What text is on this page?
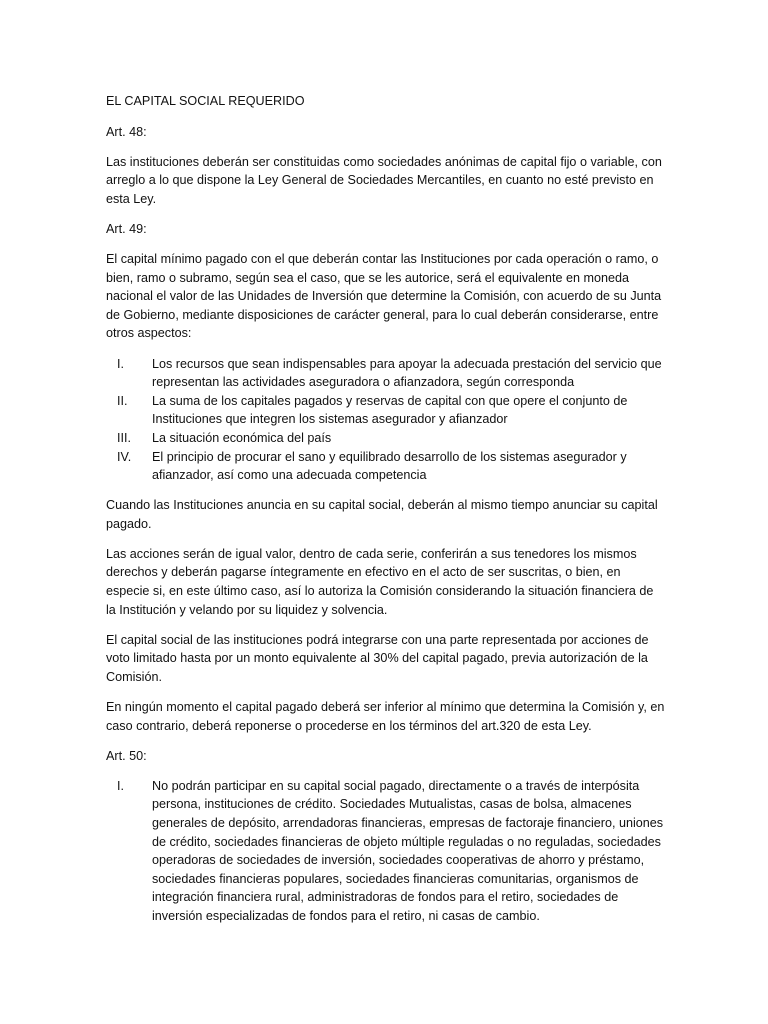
EL CAPITAL SOCIAL REQUERIDO

Art. 48:

Las instituciones deberán ser constituidas como sociedades anónimas de capital fijo o variable, con arreglo a lo que dispone la Ley General de Sociedades Mercantiles, en cuanto no esté previsto en esta Ley.

Art. 49:

El capital mínimo pagado con el que deberán contar las Instituciones por cada operación o ramo, o bien, ramo o subramo, según sea el caso, que se les autorice, será el equivalente en moneda nacional el valor de las Unidades de Inversión que determine la Comisión, con acuerdo de su Junta de Gobierno, mediante disposiciones de carácter general, para lo cual deberán considerarse, entre otros aspectos:

I.	Los recursos que sean indispensables para apoyar la adecuada prestación del servicio que representan las actividades aseguradora o afianzadora, según corresponda
II.	La suma de los capitales pagados y reservas de capital con que opere el conjunto de Instituciones que integren los sistemas asegurador y afianzador
III.	La situación económica del país
IV.	El principio de procurar el sano y equilibrado desarrollo de los sistemas asegurador y afianzador, así como una adecuada competencia

Cuando las Instituciones anuncia en su capital social, deberán al mismo tiempo anunciar su capital pagado.

Las acciones serán de igual valor, dentro de cada serie, conferirán a sus tenedores los mismos derechos y deberán pagarse íntegramente en efectivo en el acto de ser suscritas, o bien, en especie si, en este último caso, así lo autoriza la Comisión considerando la situación financiera de la Institución y velando por su liquidez y solvencia.

El capital social de las instituciones podrá integrarse con una parte representada por acciones de voto limitado hasta por un monto equivalente al 30% del capital pagado, previa autorización de la Comisión.

En ningún momento el capital pagado deberá ser inferior al mínimo que determina la Comisión y, en caso contrario, deberá reponerse o procederse en los términos del art.320 de esta Ley.

Art. 50:

I.	No podrán participar en su capital social pagado, directamente o a través de interpósita persona, instituciones de crédito. Sociedades Mutualistas, casas de bolsa, almacenes generales de depósito, arrendadoras financieras, empresas de factoraje financiero, uniones de crédito, sociedades financieras de objeto múltiple reguladas o no reguladas, sociedades operadoras de sociedades de inversión, sociedades cooperativas de ahorro y préstamo, sociedades financieras populares, sociedades financieras comunitarias, organismos de integración financiera rural, administradoras de fondos para el retiro, sociedades de inversión especializadas de fondos para el retiro, ni casas de cambio.
